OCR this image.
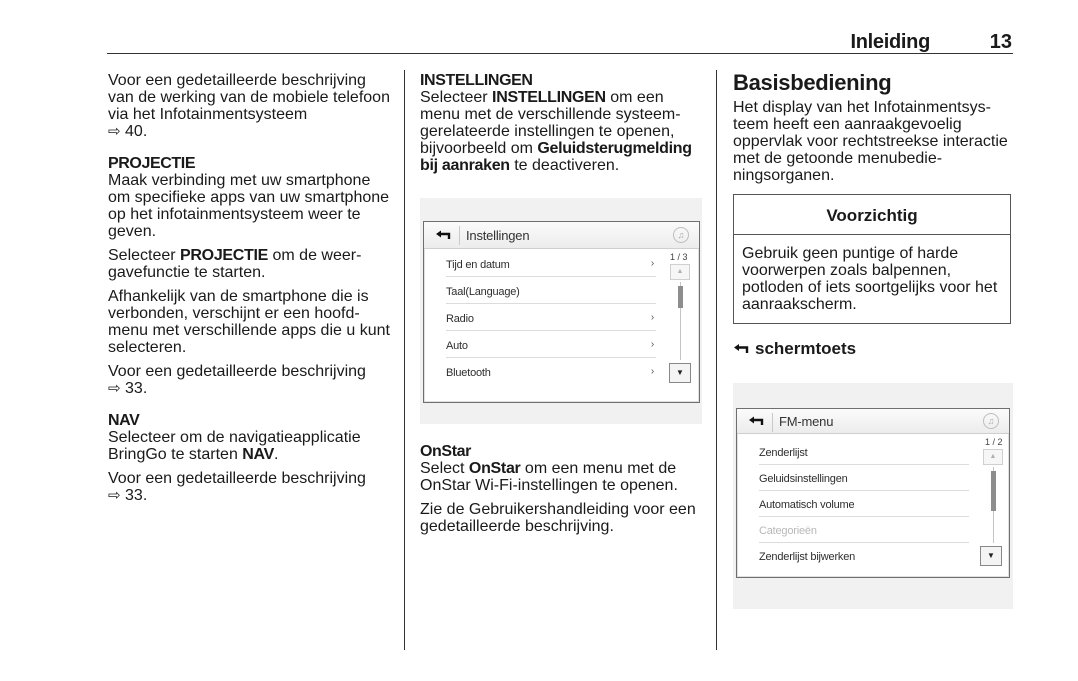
Inleiding	13

Voor een gedetailleerde beschrijving van de werking van de mobiele telefoon via het Infotainmentsysteem
⇨ 40.

PROJECTIE

Maak verbinding met uw smartphone om specifieke apps van uw smartphone op het infotainmentsysteem weer te geven.

Selecteer PROJECTIE om de weergavefunctie te starten.

Afhankelijk van de smartphone die is verbonden, verschijnt er een hoofdmenu met verschillende apps die u kunt selecteren.

Voor een gedetailleerde beschrijving
⇨ 33.

NAV

Selecteer om de navigatieapplicatie BringGo te starten NAV.

Voor een gedetailleerde beschrijving
⇨ 33.

INSTELLINGEN

Selecteer INSTELLINGEN om een menu met de verschillende systeemgerelateerde instellingen te openen, bijvoorbeeld om Geluidsterugmelding bij aanraken te deactiveren.

Instellingen	♫
Tijd en datum	›
Taal(Language)
Radio	›
Auto	›
Bluetooth	›
1 / 3
▲
▼
OnStar

Select OnStar om een menu met de OnStar Wi-Fi-instellingen te openen.

Zie de Gebruikershandleiding voor een gedetailleerde beschrijving.

Basisbediening

Het display van het Infotainmentsysteem heeft een aanraakgevoelig oppervlak voor rechtstreekse interactie met de getoonde menubedieningsorganen.

Voorzichtig
Gebruik geen puntige of harde voorwerpen zoals balpennen, potloden of iets soortgelijks voor het aanraakscherm.
schermtoets
FM-menu	♫
Zenderlijst
Geluidsinstellingen
Automatisch volume
Categorieën
Zenderlijst bijwerken
1 / 2
▲
▼
